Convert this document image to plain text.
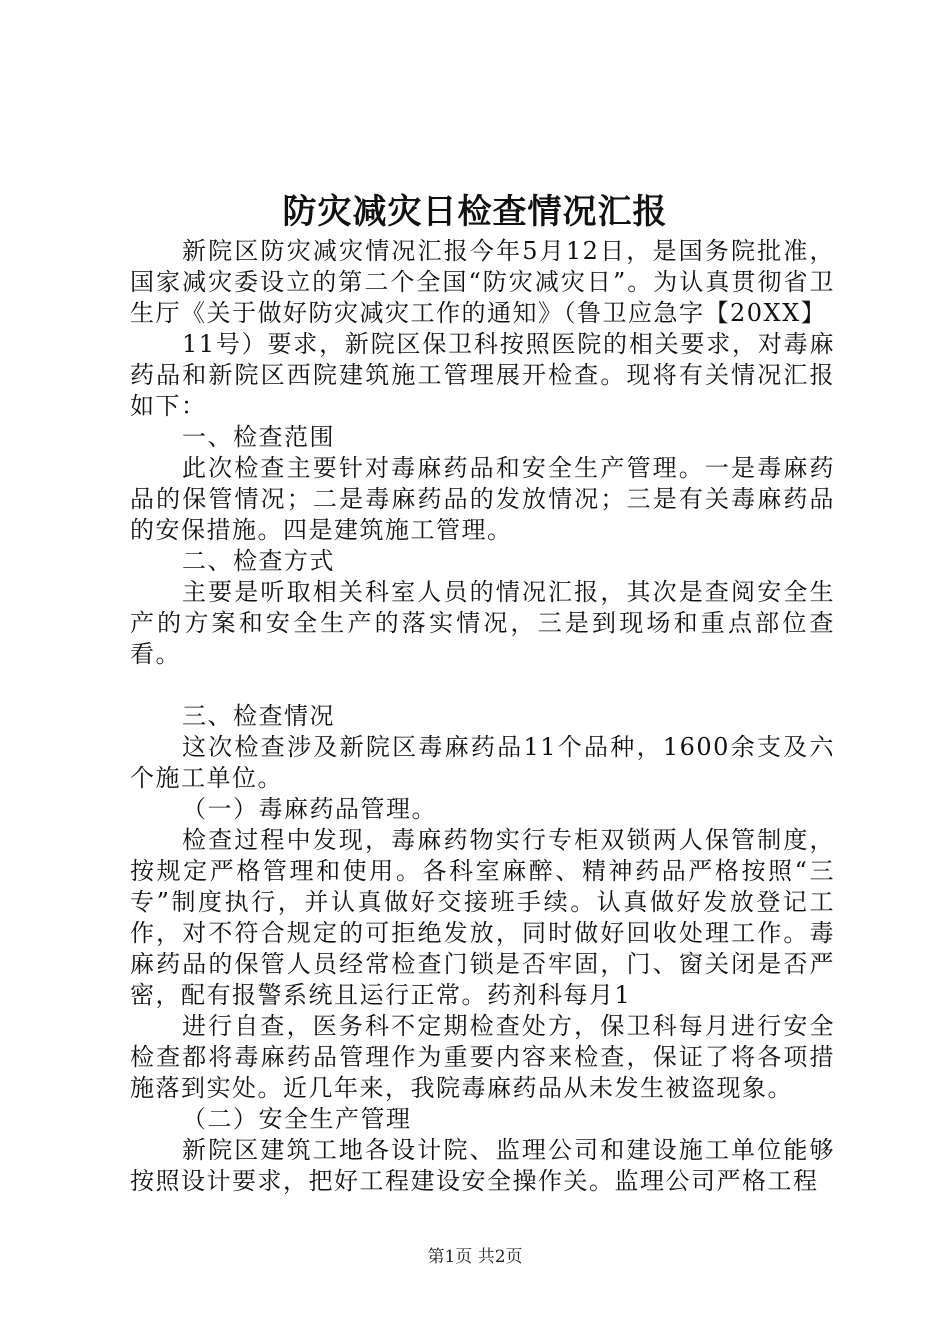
防灾减灾日检查情况汇报

新院区防灾减灾情况汇报今年5月12日，是国务院批准，国家减灾委设立的第二个全国“防灾减灾日”。为认真贯彻省卫生厅《关于做好防灾减灾工作的通知》（鲁卫应急字【20XX】

11号）要求，新院区保卫科按照医院的相关要求，对毒麻药品和新院区西院建筑施工管理展开检查。现将有关情况汇报如下：

一、检查范围

此次检查主要针对毒麻药品和安全生产管理。一是毒麻药品的保管情况；二是毒麻药品的发放情况；三是有关毒麻药品的安保措施。四是建筑施工管理。

二、检查方式

主要是听取相关科室人员的情况汇报，其次是查阅安全生产的方案和安全生产的落实情况，三是到现场和重点部位查看。

三、检查情况

这次检查涉及新院区毒麻药品11个品种，1600余支及六个施工单位。

（一）毒麻药品管理。

检查过程中发现，毒麻药物实行专柜双锁两人保管制度，按规定严格管理和使用。各科室麻醉、精神药品严格按照“三专”制度执行，并认真做好交接班手续。认真做好发放登记工作，对不符合规定的可拒绝发放，同时做好回收处理工作。毒麻药品的保管人员经常检查门锁是否牢固，门、窗关闭是否严密，配有报警系统且运行正常。药剂科每月1

进行自查，医务科不定期检查处方，保卫科每月进行安全检查都将毒麻药品管理作为重要内容来检查，保证了将各项措施落到实处。近几年来，我院毒麻药品从未发生被盗现象。

（二）安全生产管理

新院区建筑工地各设计院、监理公司和建设施工单位能够按照设计要求，把好工程建设安全操作关。监理公司严格工程

第1页 共2页
